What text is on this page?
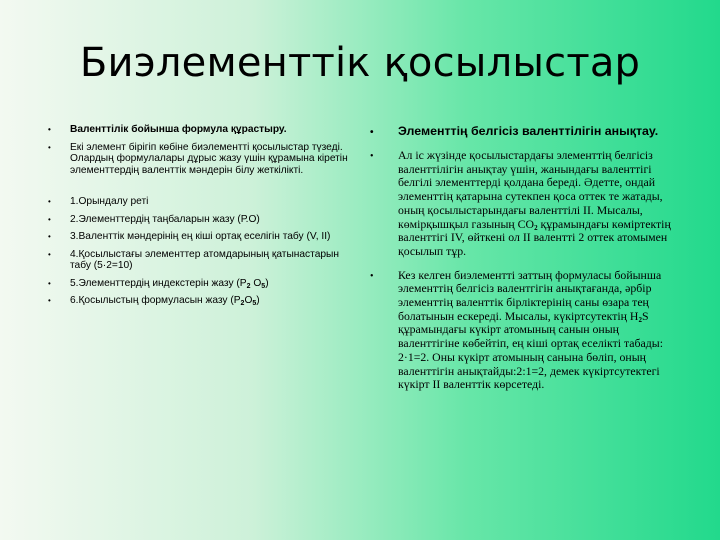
Биэлементтік қосылыстар
• Валенттілік бойынша формула құрастыру.
• Екі элемент бірігіп көбіне биэлементті қосылыстар түзеді. Олардың формулалары дұрыс жазу үшін құрамына кіретін элементтердің валенттік мәндерін білу жеткілікті.
• 1.Орындалу реті
• 2.Элементтердің таңбаларын жазу (Р.О)
• 3.Валенттік мәндерінің ең кіші ортақ еселігін табу (V, II)
• 4.Қосылыстағы элементтер атомдарының қатынастарын табу (5·2=10)
• 5.Элементтердің индекстерін жазу ($Р_2$ $О_5$)
• 6.Қосылыстың формуласын жазу $(Р_2О_5)$
• Элементтің белгісіз валенттілігін анықтау.
• Ал іс жүзінде қосылыстардағы элементтің белгісіз валенттілігін анықтау үшін, жанындағы валенттігі белгілі элементтерді қолдана береді. Әдетте, ондай элементтің қатарына сутекпен қоса оттек те жатады, оның қосылыстарындағы валенттілі II. Мысалы, көмірқышқыл газының $СО_2$ құрамындағы көміртектің валенттігі IV, өйткені ол II валентті 2 оттек атомымен қосылып тұр.
• Кез келген биэлементті заттың формуласы бойынша элементтің белгісіз валентгігін анықтағанда, әрбір элементтің валенттік бірліктерінің саны өзара тең болатынын ескереді. Мысалы, күкіртсутектің $Н_2S$ құрамындағы күкірт атомының санын оның валенттігіне көбейтіп, ең кіші ортақ еселікті табады: 2·1=2. Оны күкірт атомының санына бөліп, оның валенттігін анықтайды:2:1=2, демек күкіртсутектегі күкірт II валенттік көрсетеді.
